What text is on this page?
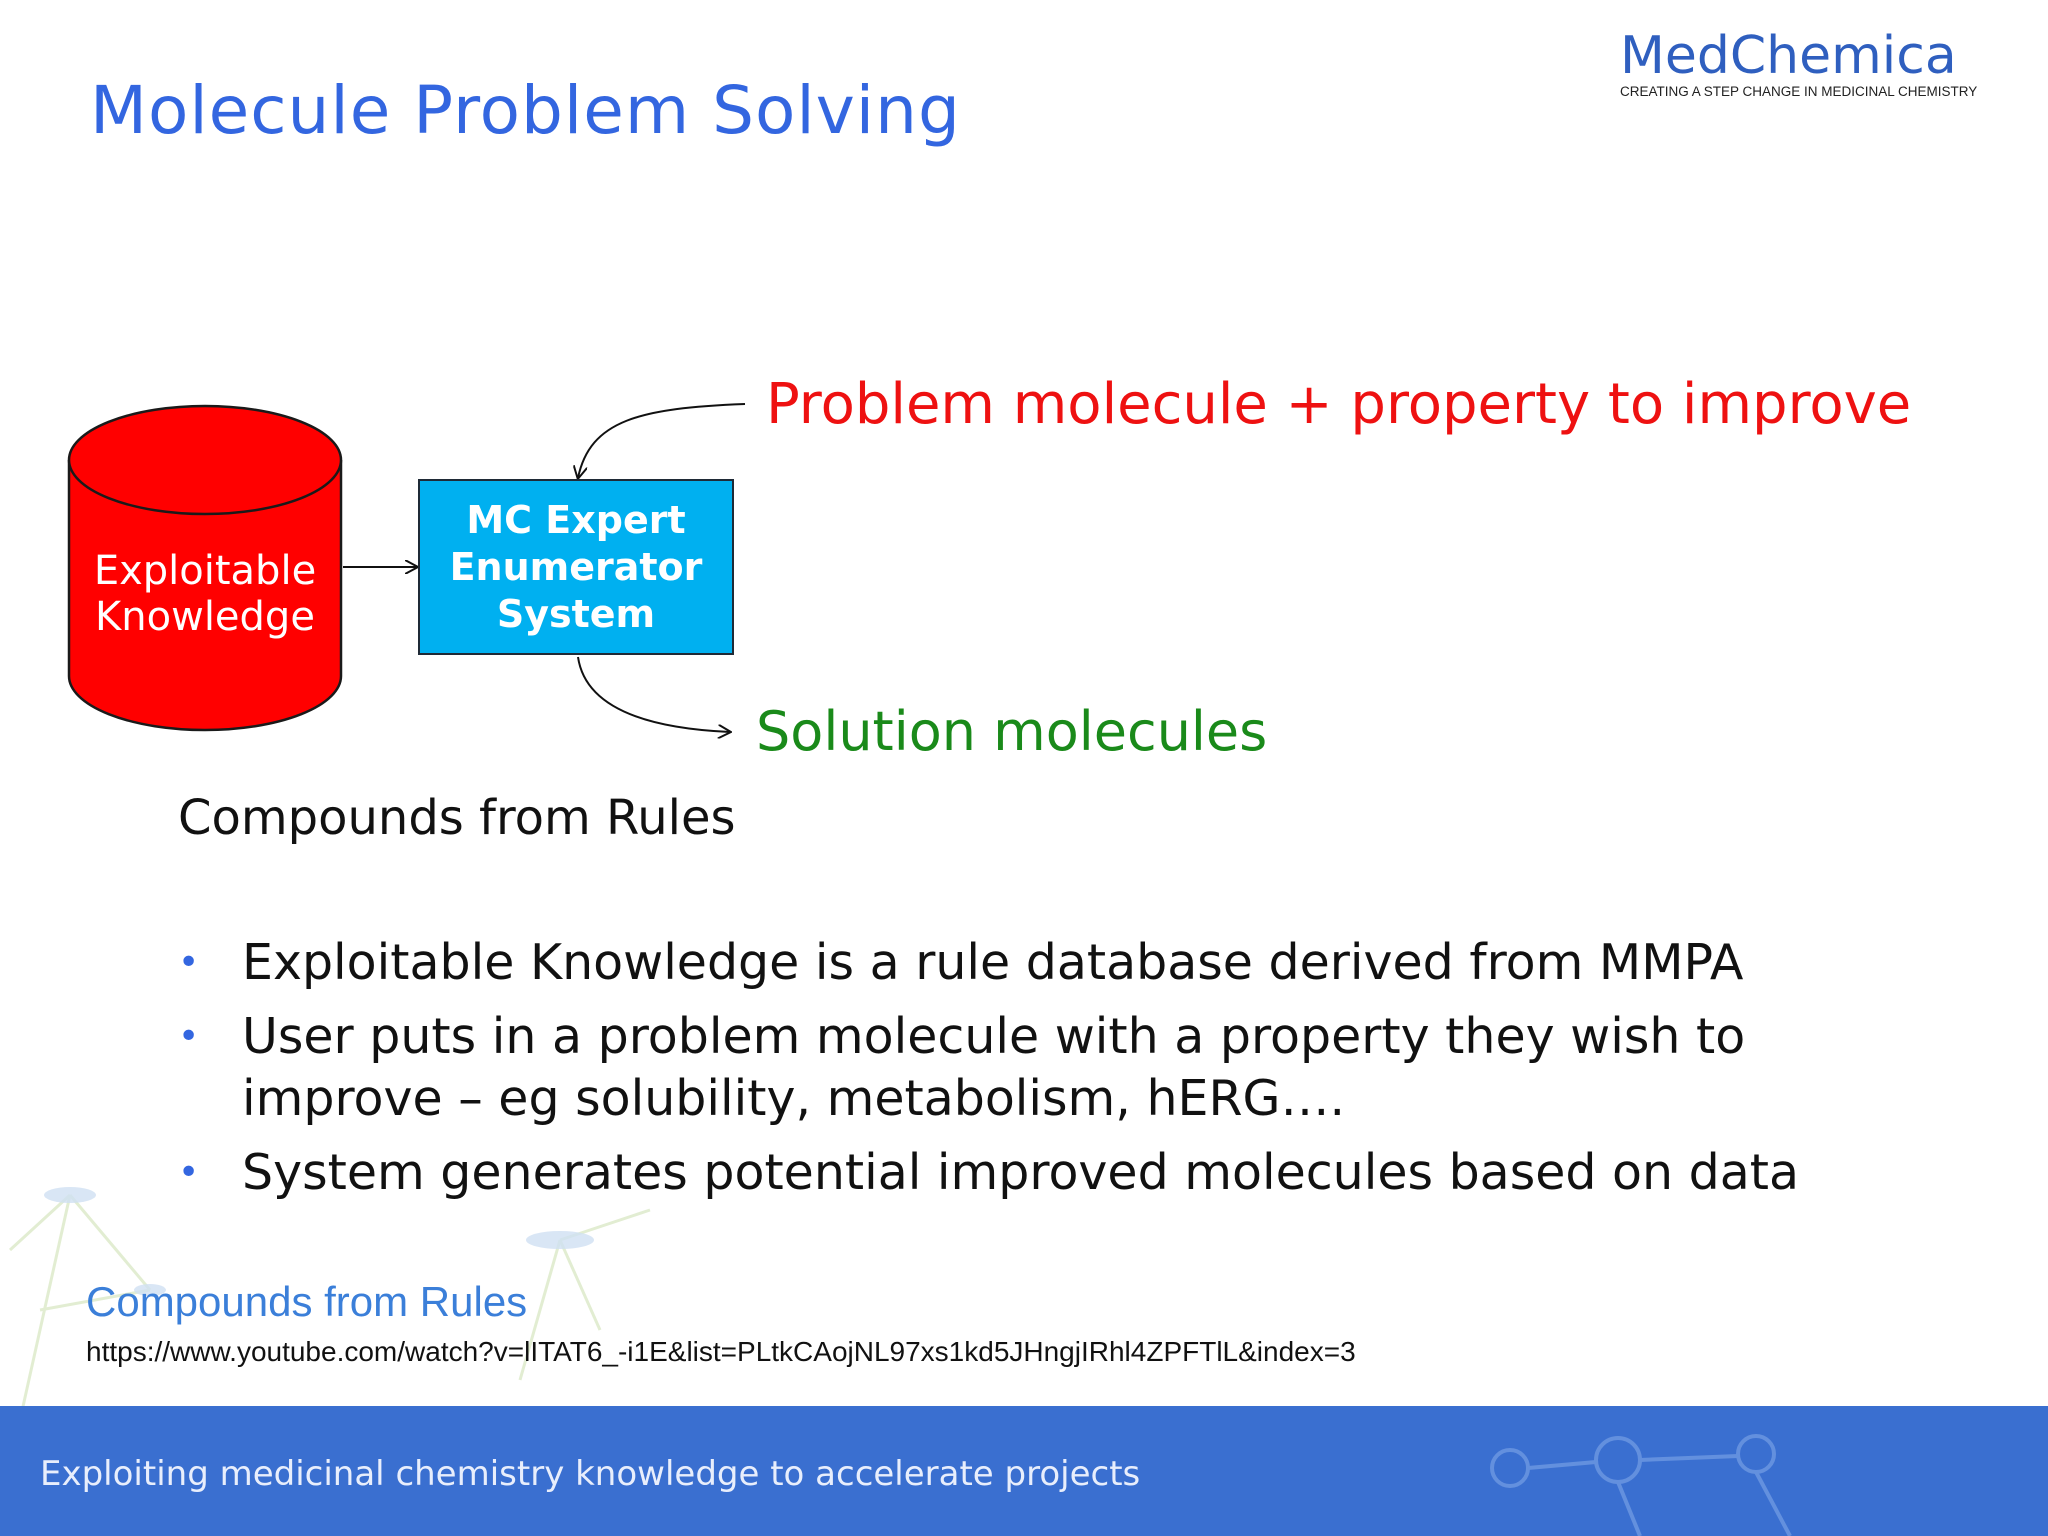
Molecule Problem Solving
MedChemica
CREATING A STEP CHANGE IN MEDICINAL CHEMISTRY
Exploitable
Knowledge
MC Expert
Enumerator
System
Problem molecule + property to improve
Solution molecules
Compounds from Rules
• Exploitable Knowledge is a rule database derived from MMPA
• User puts in a problem molecule with a property they wish to improve – eg solubility, metabolism, hERG….
• System generates potential improved molecules based on data
Compounds from Rules
https://www.youtube.com/watch?v=lITAT6_-i1E&list=PLtkCAojNL97xs1kd5JHngjIRhl4ZPFTlL&index=3
Exploiting medicinal chemistry knowledge to accelerate projects
